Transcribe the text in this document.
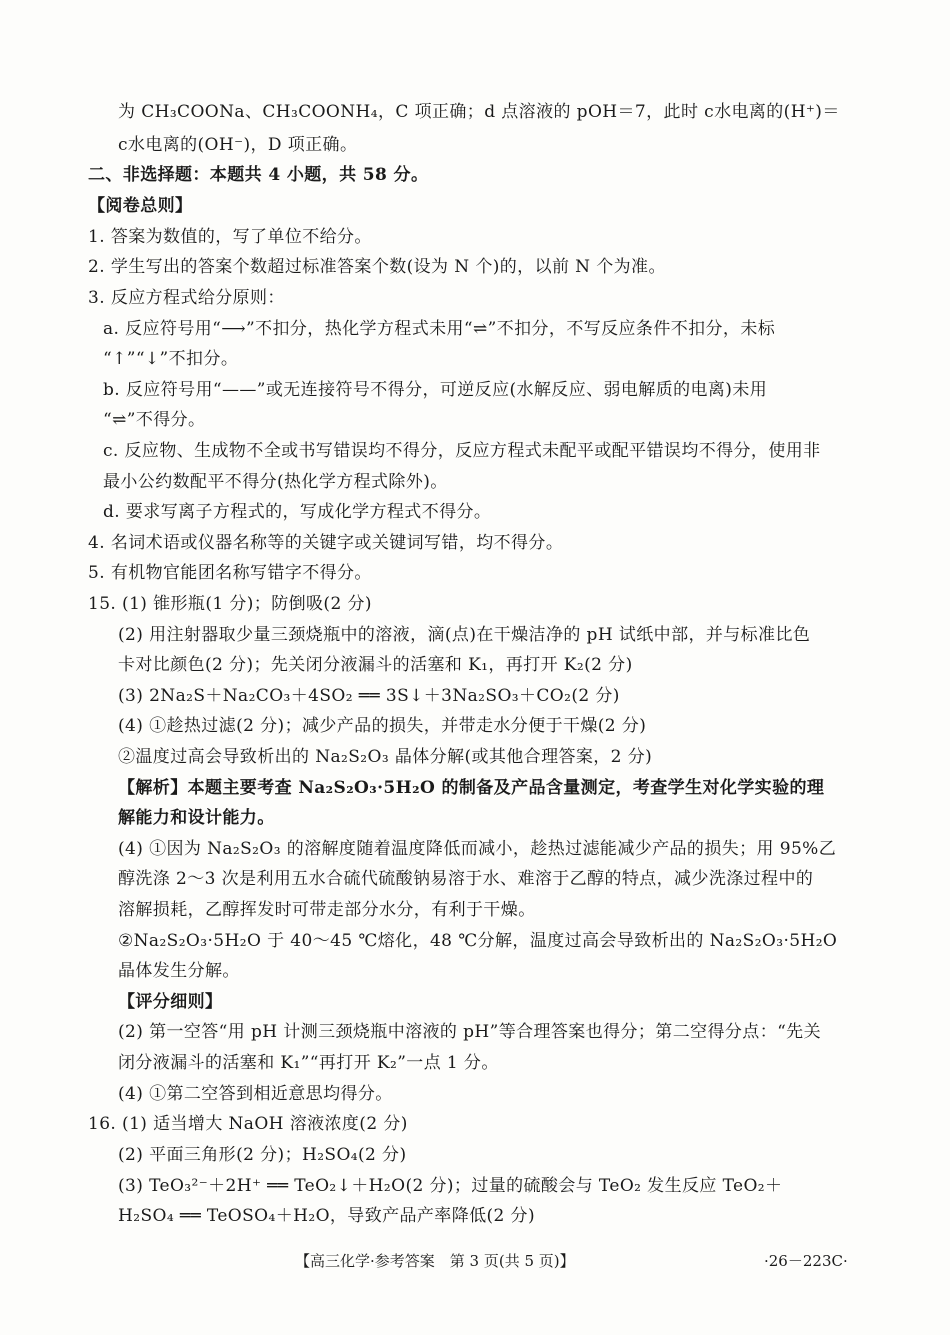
为 CH₃COONa、CH₃COONH₄，C 项正确；d 点溶液的 pOH＝7，此时 c水电离的(H⁺)＝
c水电离的(OH⁻)，D 项正确。
二、非选择题：本题共 4 小题，共 58 分。
【阅卷总则】
1. 答案为数值的，写了单位不给分。
2. 学生写出的答案个数超过标准答案个数(设为 N 个)的，以前 N 个为准。
3. 反应方程式给分原则：
a. 反应符号用“⟶”不扣分，热化学方程式未用“⇌”不扣分，不写反应条件不扣分，未标
“↑”“↓”不扣分。
b. 反应符号用“——”或无连接符号不得分，可逆反应(水解反应、弱电解质的电离)未用
“⇌”不得分。
c. 反应物、生成物不全或书写错误均不得分，反应方程式未配平或配平错误均不得分，使用非
最小公约数配平不得分(热化学方程式除外)。
d. 要求写离子方程式的，写成化学方程式不得分。
4. 名词术语或仪器名称等的关键字或关键词写错，均不得分。
5. 有机物官能团名称写错字不得分。
15. (1) 锥形瓶(1 分)；防倒吸(2 分)
(2) 用注射器取少量三颈烧瓶中的溶液，滴(点)在干燥洁净的 pH 试纸中部，并与标准比色
卡对比颜色(2 分)；先关闭分液漏斗的活塞和 K₁，再打开 K₂(2 分)
(3) 2Na₂S＋Na₂CO₃＋4SO₂ ══ 3S↓＋3Na₂SO₃＋CO₂(2 分)
(4) ①趁热过滤(2 分)；减少产品的损失，并带走水分便于干燥(2 分)
②温度过高会导致析出的 Na₂S₂O₃ 晶体分解(或其他合理答案，2 分)
【解析】本题主要考查 Na₂S₂O₃·5H₂O 的制备及产品含量测定，考查学生对化学实验的理
解能力和设计能力。
(4) ①因为 Na₂S₂O₃ 的溶解度随着温度降低而减小，趁热过滤能减少产品的损失；用 95%乙
醇洗涤 2～3 次是利用五水合硫代硫酸钠易溶于水、难溶于乙醇的特点，减少洗涤过程中的
溶解损耗，乙醇挥发时可带走部分水分，有利于干燥。
②Na₂S₂O₃·5H₂O 于 40～45 ℃熔化，48 ℃分解，温度过高会导致析出的 Na₂S₂O₃·5H₂O
晶体发生分解。
【评分细则】
(2) 第一空答“用 pH 计测三颈烧瓶中溶液的 pH”等合理答案也得分；第二空得分点：“先关
闭分液漏斗的活塞和 K₁”“再打开 K₂”一点 1 分。
(4) ①第二空答到相近意思均得分。
16. (1) 适当增大 NaOH 溶液浓度(2 分)
(2) 平面三角形(2 分)；H₂SO₄(2 分)
(3) TeO₃²⁻＋2H⁺ ══ TeO₂↓＋H₂O(2 分)；过量的硫酸会与 TeO₂ 发生反应 TeO₂＋
H₂SO₄ ══ TeOSO₄＋H₂O，导致产品产率降低(2 分)
【高三化学·参考答案　第 3 页(共 5 页)】	·26－223C·
